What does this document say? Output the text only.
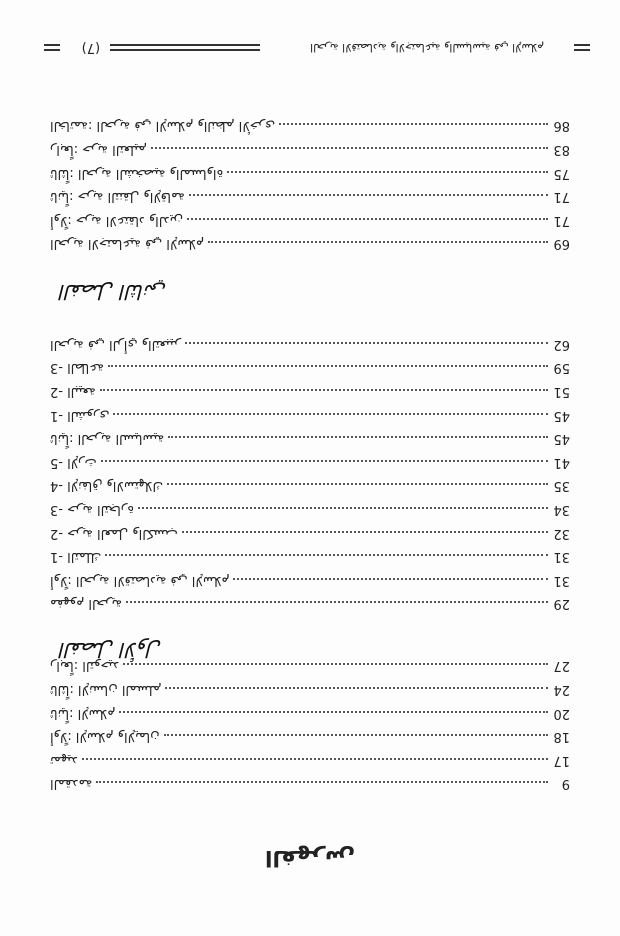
الفهرس
المقدمة	9
تمهيد	17
أولاً: الإسلام والإيمان	18
ثانياً: الإسلام	20
ثالثاً: الإنسان المسلم	24
رابعاً: التوحيد	27
الفصل الأول
مفهوم الحرية	29
أولاً: الحرية الاقتصادية في الإسلام	31
1- التملك	31
2- حرية العمل والكسب	32
3- حرية التجارة	34
4- الإنفاق والاستهلاك	35
5- الإرث	41
ثانياً: الحرية السياسية	45
1- الشورى	45
2- البيعة	51
3- الطاعة	59
الحرية في الرأي والتعبير	62
الفصل الثاني
الحرية الاجتماعية في الإسلام	69
أولاً: حرية الاعتقاد والدين	71
ثانياً: حرية التنقل والإقامة	71
ثالثاً: الحرية الشخصية والمساواة	75
رابعاً: حرية التعليم	83
الخاتمة: الحرية في الإسلام والنظم الأخرى	86
الحرية الاقتصادية والاجتماعية والسياسية في الإسلام
(7)
